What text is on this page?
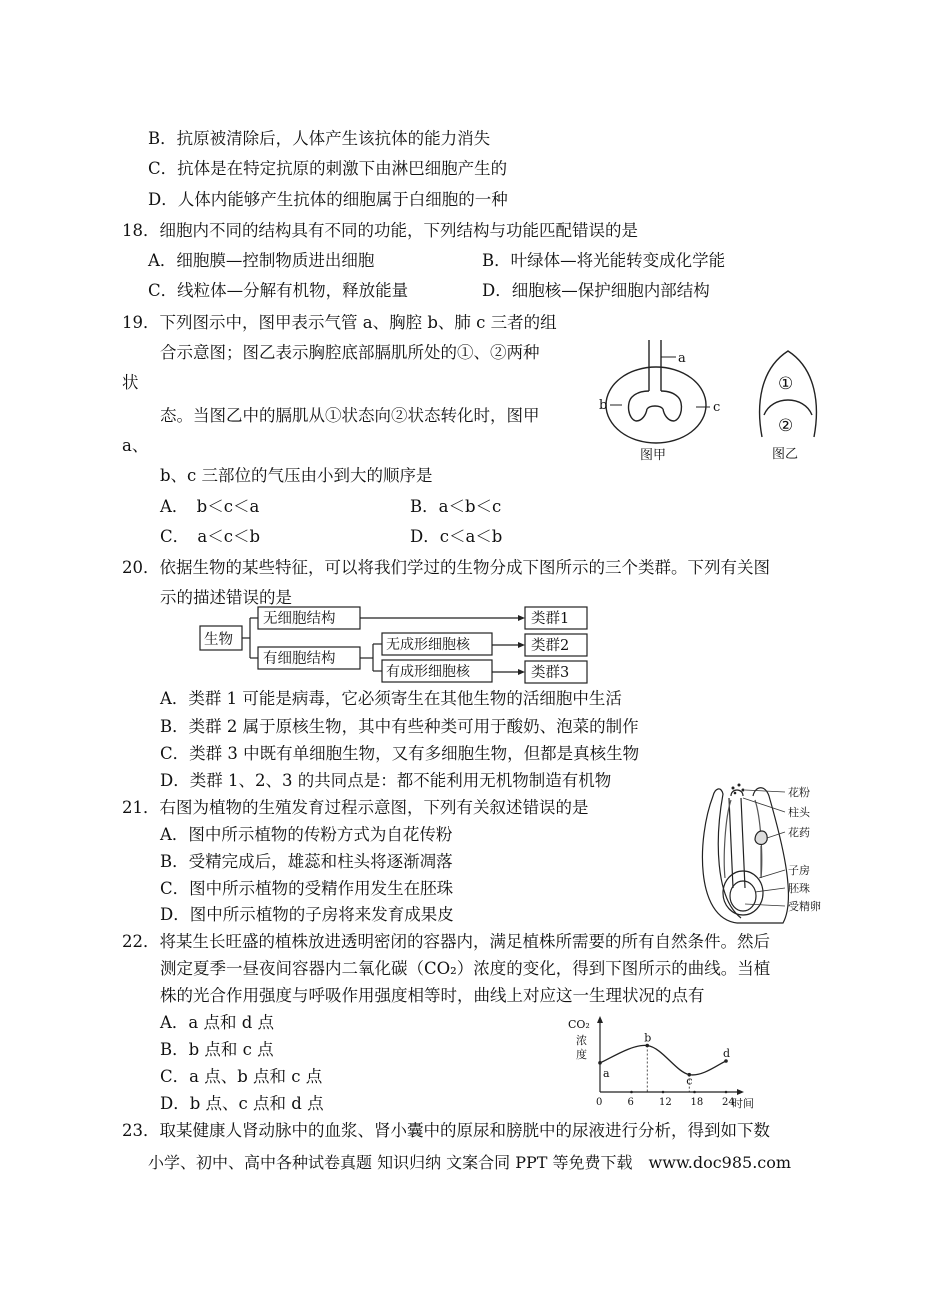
B．抗原被清除后，人体产生该抗体的能力消失
C．抗体是在特定抗原的刺激下由淋巴细胞产生的
D．人体内能够产生抗体的细胞属于白细胞的一种
18．细胞内不同的结构具有不同的功能，下列结构与功能匹配错误的是
A．细胞膜—控制物质进出细胞	B．叶绿体—将光能转变成化学能
C．线粒体—分解有机物，释放能量	D．细胞核—保护细胞内部结构
19．下列图示中，图甲表示气管 a、胸腔 b、肺 c 三者的组
合示意图；图乙表示胸腔底部膈肌所处的①、②两种
状
态。当图乙中的膈肌从①状态向②状态转化时，图甲
a、
b、c 三部位的气压由小到大的顺序是
A．　b＜c＜a	B．a＜b＜c
C．　a＜c＜b	D．c＜a＜b
a
b	c
图甲
①
②
图乙
20．依据生物的某些特征，可以将我们学过的生物分成下图所示的三个类群。下列有关图
示的描述错误的是
生物
无细胞结构
有细胞结构
无成形细胞核
有成形细胞核
类群1
类群2
类群3
A．类群 1 可能是病毒，它必须寄生在其他生物的活细胞中生活
B．类群 2 属于原核生物，其中有些种类可用于酸奶、泡菜的制作
C．类群 3 中既有单细胞生物，又有多细胞生物，但都是真核生物
D．类群 1、2、3 的共同点是：都不能利用无机物制造有机物
21．右图为植物的生殖发育过程示意图，下列有关叙述错误的是
A．图中所示植物的传粉方式为自花传粉
B．受精完成后，雄蕊和柱头将逐渐凋落
C．图中所示植物的受精作用发生在胚珠
D．图中所示植物的子房将来发育成果皮
花粉
柱头
花药
子房
胚珠
受精卵
22．将某生长旺盛的植株放进透明密闭的容器内，满足植株所需要的所有自然条件。然后
测定夏季一昼夜间容器内二氧化碳（CO₂）浓度的变化，得到下图所示的曲线。当植
株的光合作用强度与呼吸作用强度相等时，曲线上对应这一生理状况的点有
A．a 点和 d 点
B．b 点和 c 点
C．a 点、b 点和 c 点
D．b 点、c 点和 d 点
CO₂
浓
度
时间
0	6	12 18 24
a
b
c
d
23．取某健康人肾动脉中的血浆、肾小囊中的原尿和膀胱中的尿液进行分析，得到如下数
小学、初中、高中各种试卷真题 知识归纳 文案合同 PPT 等免费下载　www.doc985.com
